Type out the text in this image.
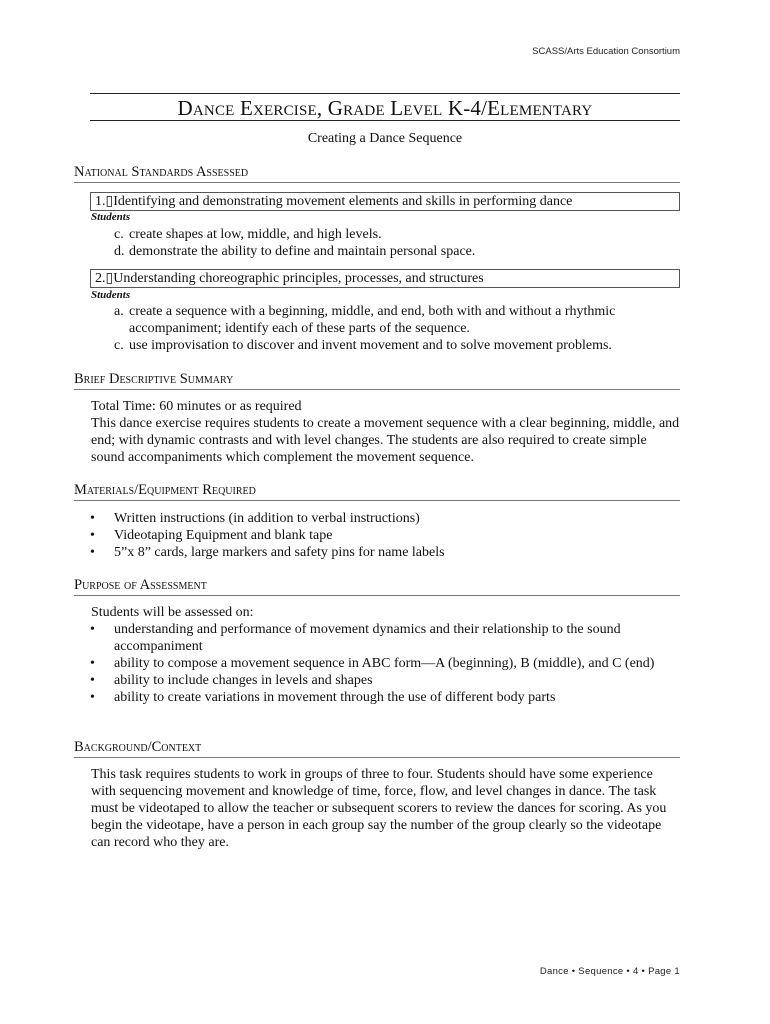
SCASS/Arts Education Consortium
Dance Exercise, Grade Level K-4/Elementary
Creating a Dance Sequence
National Standards Assessed
1.▯Identifying and demonstrating movement elements and skills in performing dance
Students
c. create shapes at low, middle, and high levels.
d. demonstrate the ability to define and maintain personal space.
2.▯Understanding choreographic principles, processes, and structures
Students
a. create a sequence with a beginning, middle, and end, both with and without a rhythmic accompaniment; identify each of these parts of the sequence.
c. use improvisation to discover and invent movement and to solve movement problems.
Brief Descriptive Summary

Total Time: 60 minutes or as required

This dance exercise requires students to create a movement sequence with a clear beginning, middle, and end; with dynamic contrasts and with level changes. The students are also required to create simple sound accompaniments which complement the movement sequence.

Materials/Equipment Required
• Written instructions (in addition to verbal instructions)
• Videotaping Equipment and blank tape
• 5”x 8” cards, large markers and safety pins for name labels
Purpose of Assessment

Students will be assessed on:

• understanding and performance of movement dynamics and their relationship to the sound accompaniment
• ability to compose a movement sequence in ABC form—A (beginning), B (middle), and C (end)
• ability to include changes in levels and shapes
• ability to create variations in movement through the use of different body parts
Background/Context

This task requires students to work in groups of three to four. Students should have some experience with sequencing movement and knowledge of time, force, flow, and level changes in dance. The task must be videotaped to allow the teacher or subsequent scorers to review the dances for scoring. As you begin the videotape, have a person in each group say the number of the group clearly so the videotape can record who they are.

Dance • Sequence • 4 • Page 1
